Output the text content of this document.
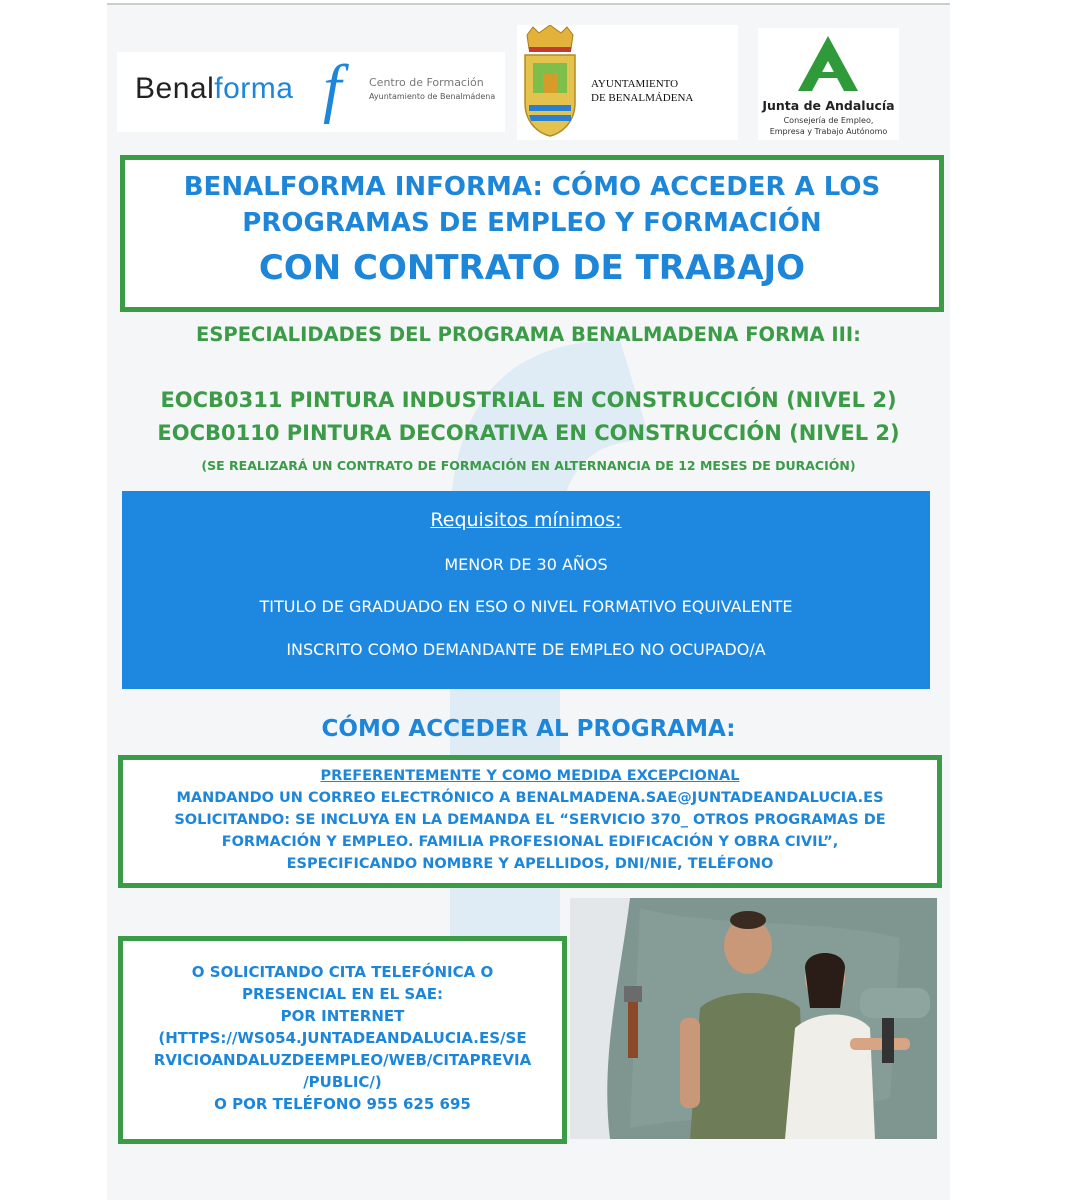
Benalforma f	Centro de Formación
Ayuntamiento de Benalmádena
AYUNTAMIENTO
DE BENALMÁDENA	Junta de Andalucía
Consejería de Empleo,
Empresa y Trabajo Autónomo
BENALFORMA INFORMA: CÓMO ACCEDER A LOS
PROGRAMAS DE EMPLEO Y FORMACIÓN
CON CONTRATO DE TRABAJO
ESPECIALIDADES DEL PROGRAMA BENALMADENA FORMA III:
EOCB0311 PINTURA INDUSTRIAL EN CONSTRUCCIÓN (NIVEL 2)
EOCB0110 PINTURA DECORATIVA EN CONSTRUCCIÓN (NIVEL 2)
(SE REALIZARÁ UN CONTRATO DE FORMACIÓN EN ALTERNANCIA DE 12 MESES DE DURACIÓN)
Requisitos mínimos:
MENOR DE 30 AÑOS
TITULO DE GRADUADO EN ESO O NIVEL FORMATIVO EQUIVALENTE
INSCRITO COMO DEMANDANTE DE EMPLEO NO OCUPADO/A
CÓMO ACCEDER AL PROGRAMA:
PREFERENTEMENTE Y COMO MEDIDA EXCEPCIONAL
MANDANDO UN CORREO ELECTRÓNICO A BENALMADENA.SAE@JUNTADEANDALUCIA.ES
SOLICITANDO: SE INCLUYA EN LA DEMANDA EL “SERVICIO 370_ OTROS PROGRAMAS DE
FORMACIÓN Y EMPLEO. FAMILIA PROFESIONAL EDIFICACIÓN Y OBRA CIVIL”,
ESPECIFICANDO NOMBRE Y APELLIDOS, DNI/NIE, TELÉFONO
O SOLICITANDO CITA TELEFÓNICA O
PRESENCIAL EN EL SAE:
POR INTERNET
(HTTPS://WS054.JUNTADEANDALUCIA.ES/SE
RVICIOANDALUZDEEMPLEO/WEB/CITAPREVIA
/PUBLIC/)
O POR TELÉFONO 955 625 695
